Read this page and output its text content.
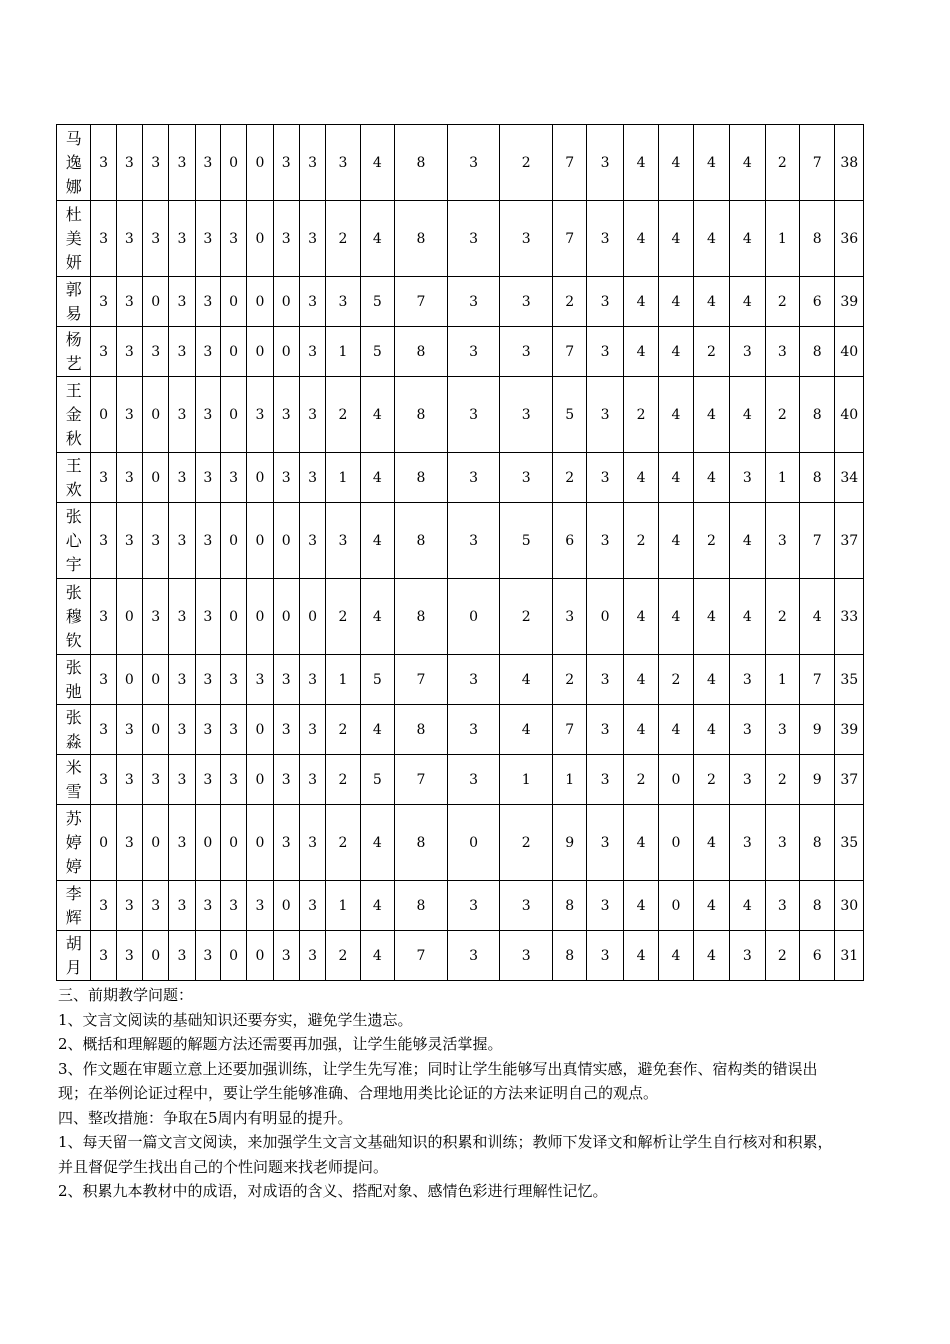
马
逸
娜	3	3	3	3	3	0	0	3	3	3	4	8	3	2	7	3	4	4	4	4	2	7	38

杜
美
妍	3	3	3	3	3	3	0	3	3	2	4	8	3	3	7	3	4	4	4	4	1	8	36

郭
易	3	3	0	3	3	0	0	0	3	3	5	7	3	3	2	3	4	4	4	4	2	6	39

杨
艺	3	3	3	3	3	0	0	0	3	1	5	8	3	3	7	3	4	4	2	3	3	8	40

王
金
秋	0	3	0	3	3	0	3	3	3	2	4	8	3	3	5	3	2	4	4	4	2	8	40

王
欢	3	3	0	3	3	3	0	3	3	1	4	8	3	3	2	3	4	4	4	3	1	8	34

张
心
宇	3	3	3	3	3	0	0	0	3	3	4	8	3	5	6	3	2	4	2	4	3	7	37

张
穆
钦	3	0	3	3	3	0	0	0	0	2	4	8	0	2	3	0	4	4	4	4	2	4	33

张
弛	3	0	0	3	3	3	3	3	3	1	5	7	3	4	2	3	4	2	4	3	1	7	35

张
淼	3	3	0	3	3	3	0	3	3	2	4	8	3	4	7	3	4	4	4	3	3	9	39

米
雪	3	3	3	3	3	3	0	3	3	2	5	7	3	1	1	3	2	0	2	3	2	9	37

苏
婷
婷	0	3	0	3	0	0	0	3	3	2	4	8	0	2	9	3	4	0	4	3	3	8	35

李
辉	3	3	3	3	3	3	3	0	3	1	4	8	3	3	8	3	4	0	4	4	3	8	30

胡
月	3	3	0	3	3	0	0	3	3	2	4	7	3	3	8	3	4	4	4	3	2	6	31

三、前期教学问题：

1、文言文阅读的基础知识还要夯实，避免学生遗忘。

2、概括和理解题的解题方法还需要再加强，让学生能够灵活掌握。

3、作文题在审题立意上还要加强训练，让学生先写准；同时让学生能够写出真情实感，避免套作、宿构类的错误出

现；在举例论证过程中，要让学生能够准确、合理地用类比论证的方法来证明自己的观点。

四、整改措施：争取在5周内有明显的提升。

1、每天留一篇文言文阅读，来加强学生文言文基础知识的积累和训练；教师下发译文和解析让学生自行核对和积累，

并且督促学生找出自己的个性问题来找老师提问。

2、积累九本教材中的成语，对成语的含义、搭配对象、感情色彩进行理解性记忆。
